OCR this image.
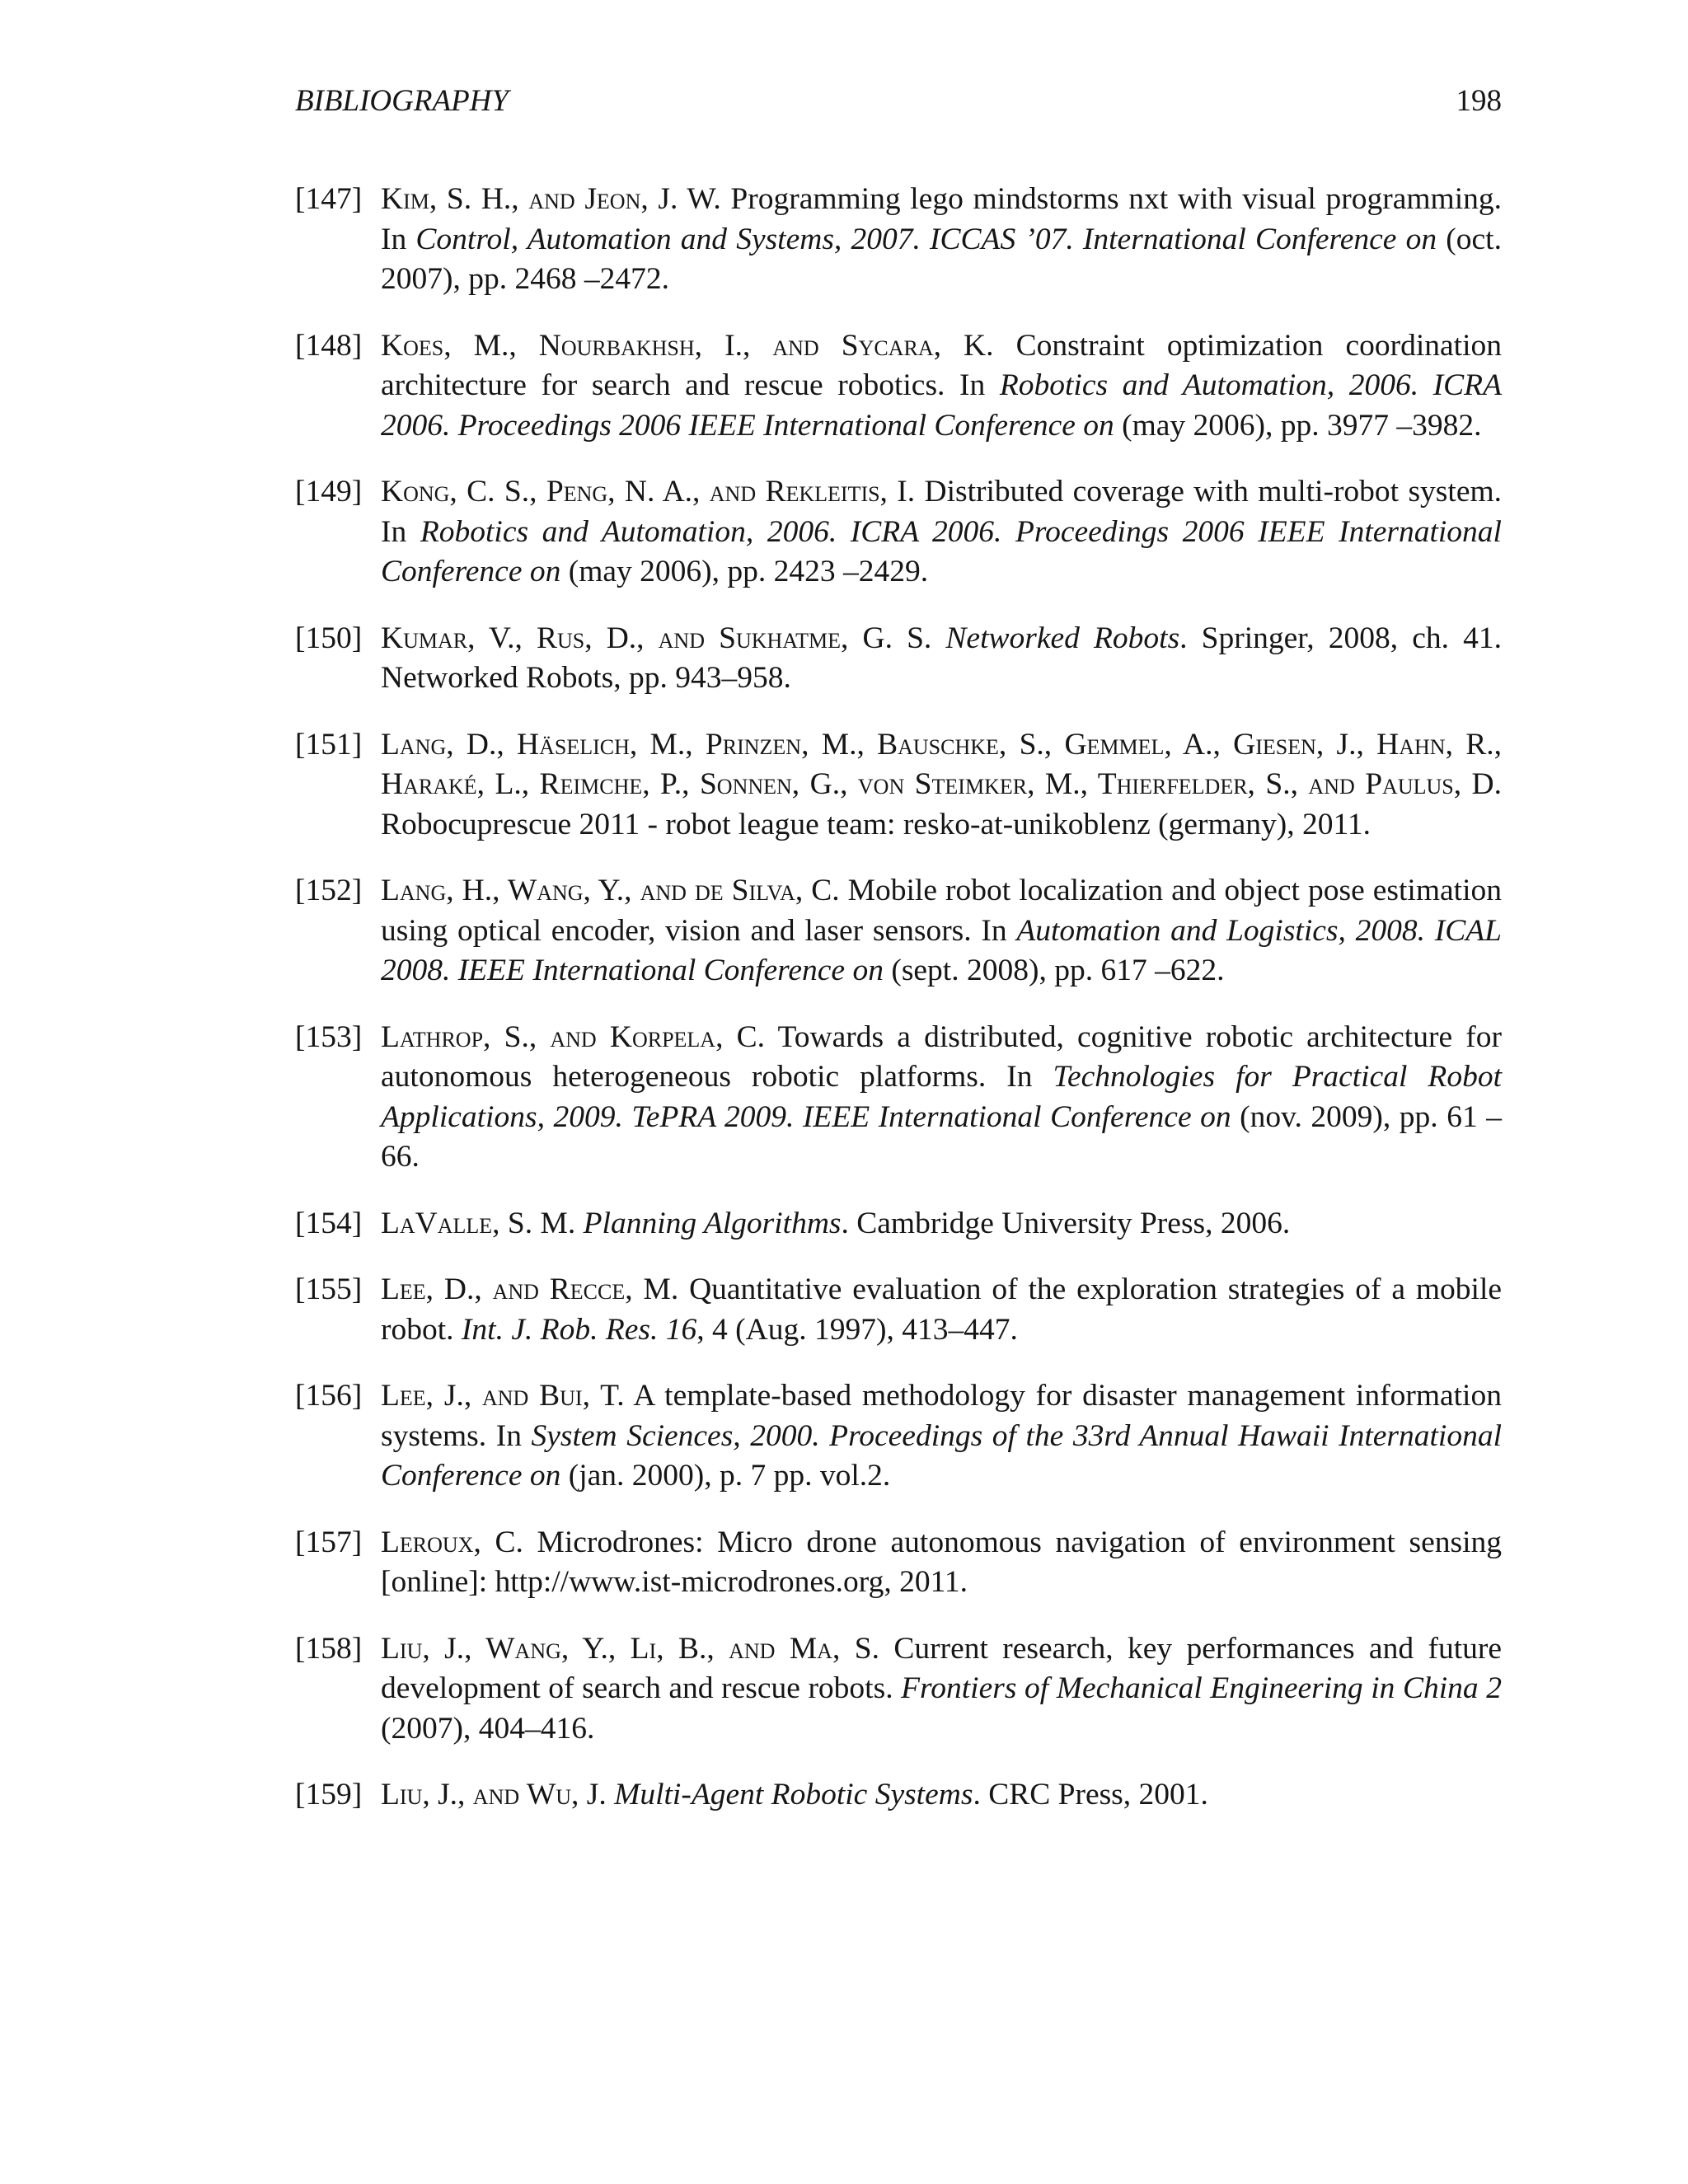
BIBLIOGRAPHY	198
[147] Kim, S. H., and Jeon, J. W. Programming lego mindstorms nxt with visual programming. In Control, Automation and Systems, 2007. ICCAS ’07. International Conference on (oct. 2007), pp. 2468 –2472.
[148] Koes, M., Nourbakhsh, I., and Sycara, K. Constraint optimization coordination architecture for search and rescue robotics. In Robotics and Automation, 2006. ICRA 2006. Proceedings 2006 IEEE International Conference on (may 2006), pp. 3977 –3982.
[149] Kong, C. S., Peng, N. A., and Rekleitis, I. Distributed coverage with multi-robot system. In Robotics and Automation, 2006. ICRA 2006. Proceedings 2006 IEEE International Conference on (may 2006), pp. 2423 –2429.
[150] Kumar, V., Rus, D., and Sukhatme, G. S. Networked Robots. Springer, 2008, ch. 41. Networked Robots, pp. 943–958.
[151] Lang, D., Häselich, M., Prinzen, M., Bauschke, S., Gemmel, A., Giesen, J., Hahn, R., Haraké, L., Reimche, P., Sonnen, G., von Steimker, M., Thierfelder, S., and Paulus, D. Robocuprescue 2011 - robot league team: resko-at-unikoblenz (germany), 2011.
[152] Lang, H., Wang, Y., and de Silva, C. Mobile robot localization and object pose estimation using optical encoder, vision and laser sensors. In Automation and Logistics, 2008. ICAL 2008. IEEE International Conference on (sept. 2008), pp. 617 –622.
[153] Lathrop, S., and Korpela, C. Towards a distributed, cognitive robotic architecture for autonomous heterogeneous robotic platforms. In Technologies for Practical Robot Applications, 2009. TePRA 2009. IEEE International Conference on (nov. 2009), pp. 61 –66.
[154] LaValle, S. M. Planning Algorithms. Cambridge University Press, 2006.
[155] Lee, D., and Recce, M. Quantitative evaluation of the exploration strategies of a mobile robot. Int. J. Rob. Res. 16, 4 (Aug. 1997), 413–447.
[156] Lee, J., and Bui, T. A template-based methodology for disaster management information systems. In System Sciences, 2000. Proceedings of the 33rd Annual Hawaii International Conference on (jan. 2000), p. 7 pp. vol.2.
[157] Leroux, C. Microdrones: Micro drone autonomous navigation of environment sensing [online]: http://www.ist-microdrones.org, 2011.
[158] Liu, J., Wang, Y., Li, B., and Ma, S. Current research, key performances and future development of search and rescue robots. Frontiers of Mechanical Engineering in China 2 (2007), 404–416.
[159] Liu, J., and Wu, J. Multi-Agent Robotic Systems. CRC Press, 2001.
